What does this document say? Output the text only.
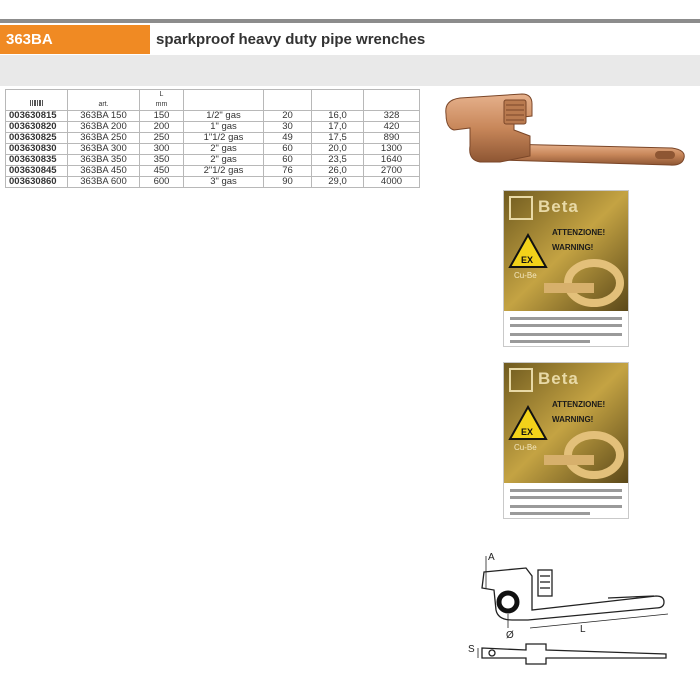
363BA	sparkproof heavy duty pipe wrenches
	art.	L
mm				
003630815	363BA 150	150	1/2" gas	20	16,0	328
003630820	363BA 200	200	1" gas	30	17,0	420
003630825	363BA 250	250	1"1/2 gas	49	17,5	890
003630830	363BA 300	300	2" gas	60	20,0	1300
003630835	363BA 350	350	2" gas	60	23,5	1640
003630845	363BA 450	450	2"1/2 gas	76	26,0	2700
003630860	363BA 600	600	3" gas	90	29,0	4000
Beta
ATTENZIONE!
WARNING!
EX
Cu-Be
Beta
ATTENZIONE!
WARNING!
EX
Cu-Be
A
Ø
L
S
